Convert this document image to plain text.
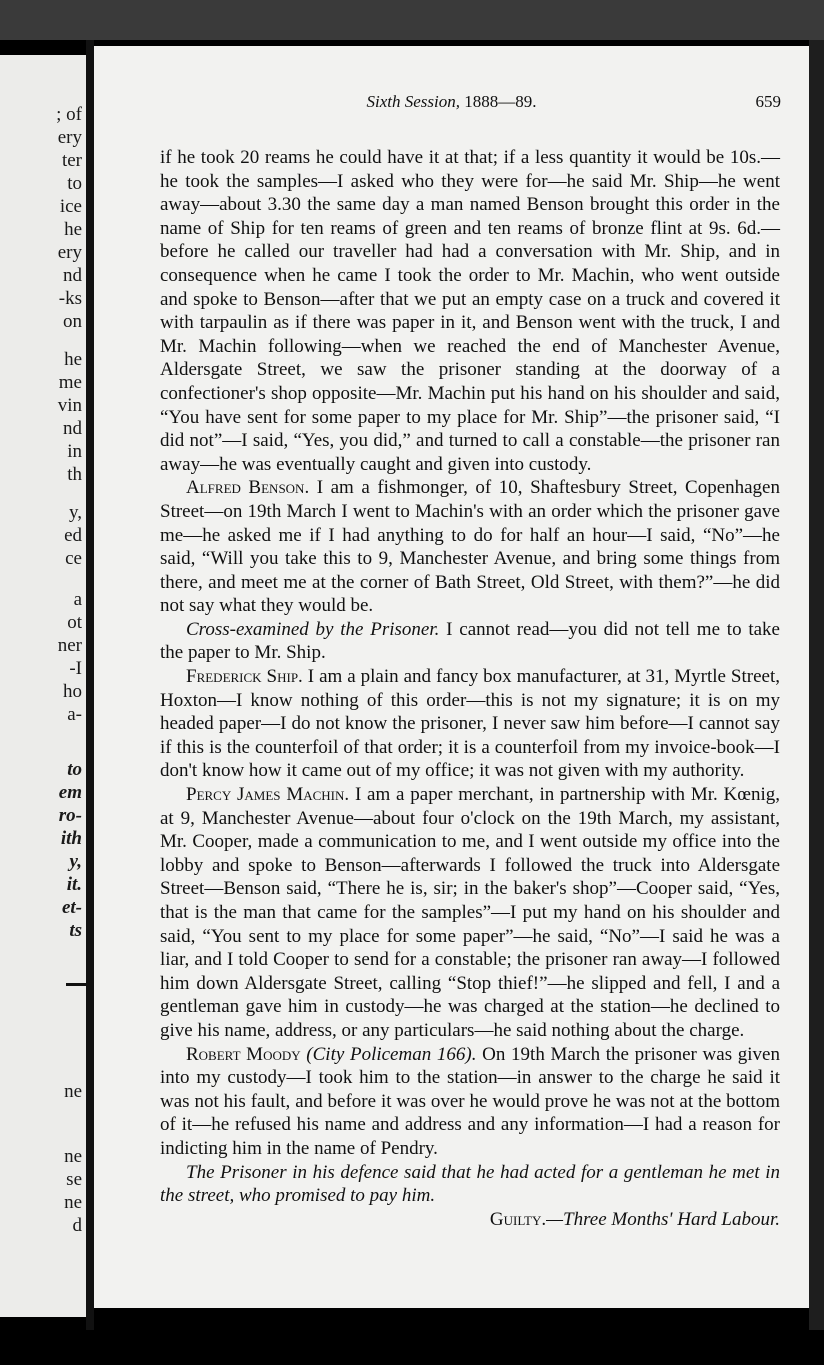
; of
ery
ter
to
ice
he
ery
nd
-ks
on
he
me
vin
nd
in
th
y,
ed
ce
a
ot
ner
-I
ho
a-
to
em
ro-
ith
y,
it.
et-
ts
ne
ne
se
ne
d
Sixth Session, 1888—89.	659

if he took 20 reams he could have it at that; if a less quantity it would be 10s.—he took the samples—I asked who they were for—he said Mr. Ship—he went away—about 3.30 the same day a man named Benson brought this order in the name of Ship for ten reams of green and ten reams of bronze flint at 9s. 6d.—before he called our traveller had had a conversation with Mr. Ship, and in consequence when he came I took the order to Mr. Machin, who went outside and spoke to Benson—after that we put an empty case on a truck and covered it with tarpaulin as if there was paper in it, and Benson went with the truck, I and Mr. Machin following—when we reached the end of Manchester Avenue, Aldersgate Street, we saw the prisoner standing at the doorway of a confectioner's shop opposite—Mr. Machin put his hand on his shoulder and said, “You have sent for some paper to my place for Mr. Ship”—the prisoner said, “I did not”—I said, “Yes, you did,” and turned to call a constable—the prisoner ran away—he was eventually caught and given into custody.

Alfred Benson. I am a fishmonger, of 10, Shaftesbury Street, Copenhagen Street—on 19th March I went to Machin's with an order which the prisoner gave me—he asked me if I had anything to do for half an hour—I said, “No”—he said, “Will you take this to 9, Manchester Avenue, and bring some things from there, and meet me at the corner of Bath Street, Old Street, with them?”—he did not say what they would be.

Cross-examined by the Prisoner. I cannot read—you did not tell me to take the paper to Mr. Ship.

Frederick Ship. I am a plain and fancy box manufacturer, at 31, Myrtle Street, Hoxton—I know nothing of this order—this is not my signature; it is on my headed paper—I do not know the prisoner, I never saw him before—I cannot say if this is the counterfoil of that order; it is a counterfoil from my invoice-book—I don't know how it came out of my office; it was not given with my authority.

Percy James Machin. I am a paper merchant, in partnership with Mr. Kœnig, at 9, Manchester Avenue—about four o'clock on the 19th March, my assistant, Mr. Cooper, made a communication to me, and I went outside my office into the lobby and spoke to Benson—afterwards I followed the truck into Aldersgate Street—Benson said, “There he is, sir; in the baker's shop”—Cooper said, “Yes, that is the man that came for the samples”—I put my hand on his shoulder and said, “You sent to my place for some paper”—he said, “No”—I said he was a liar, and I told Cooper to send for a constable; the prisoner ran away—I followed him down Aldersgate Street, calling “Stop thief!”—he slipped and fell, I and a gentleman gave him in custody—he was charged at the station—he declined to give his name, address, or any particulars—he said nothing about the charge.

Robert Moody (City Policeman 166). On 19th March the prisoner was given into my custody—I took him to the station—in answer to the charge he said it was not his fault, and before it was over he would prove he was not at the bottom of it—he refused his name and address and any information—I had a reason for indicting him in the name of Pendry.

The Prisoner in his defence said that he had acted for a gentleman he met in the street, who promised to pay him.

Guilty.—Three Months' Hard Labour.
